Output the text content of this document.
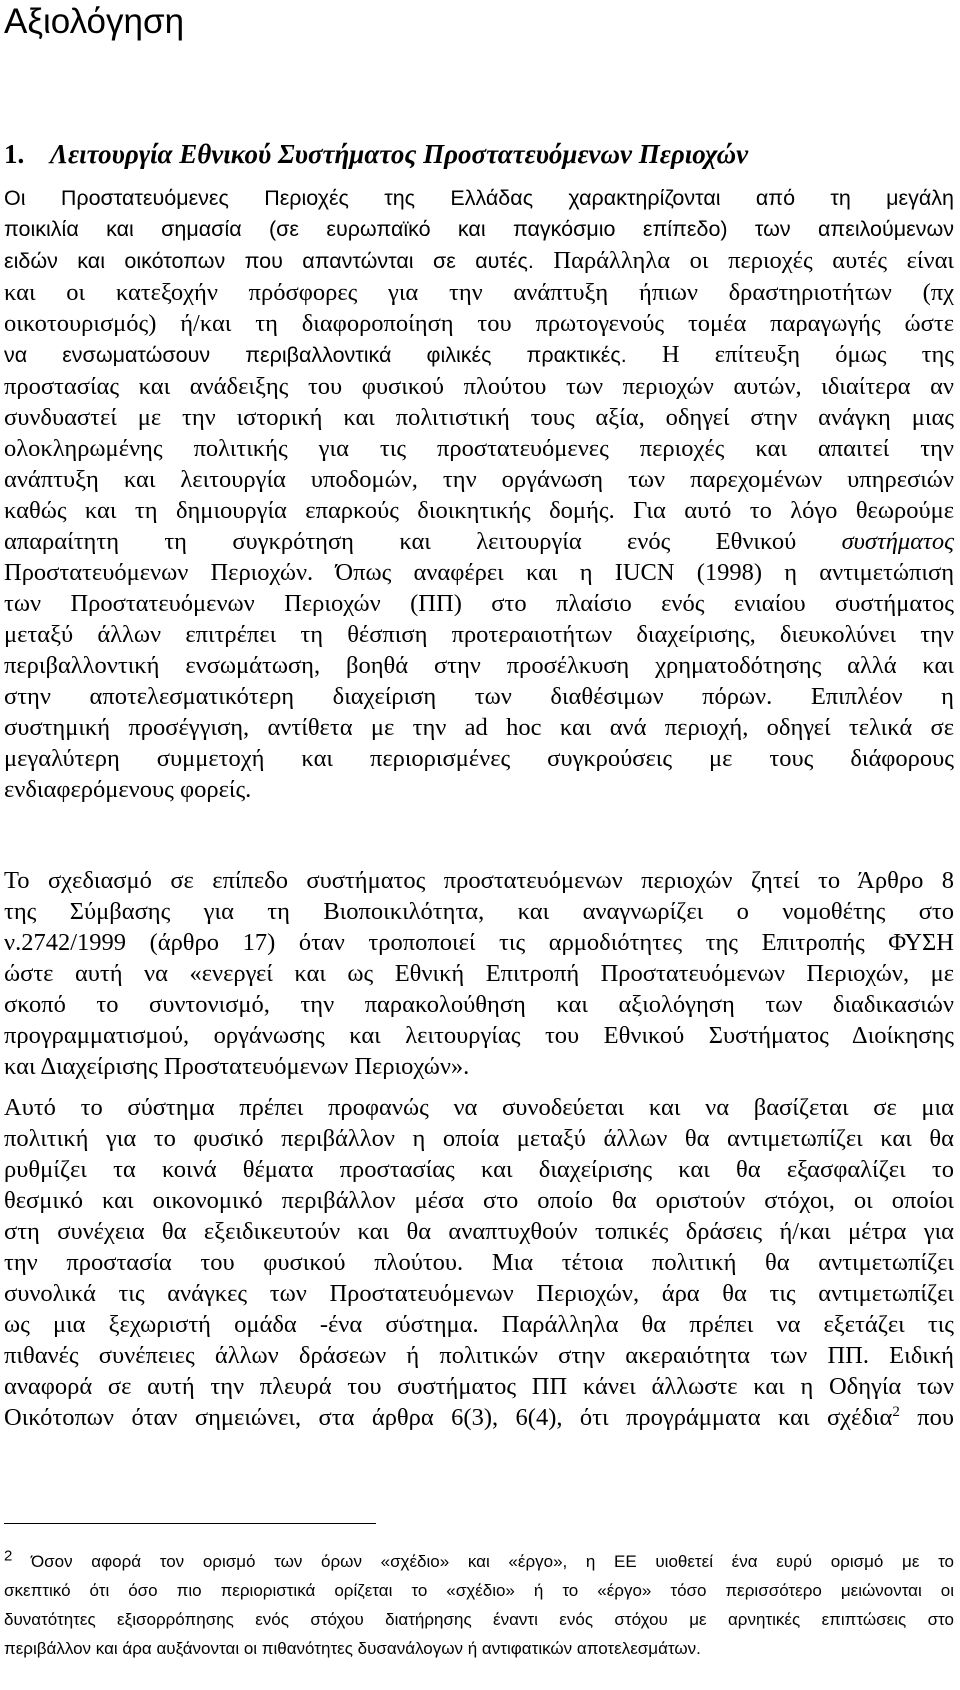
Αξιολόγηση
1. Λειτουργία Εθνικού Συστήματος Προστατευόμενων Περιοχών
Οι Προστατευόμενες Περιοχές της Ελλάδας χαρακτηρίζονται από τη μεγάλη
ποικιλία και σημασία (σε ευρωπαϊκό και παγκόσμιο επίπεδο) των απειλούμενων
ειδών και οικότοπων που απαντώνται σε αυτές. Παράλληλα οι περιοχές αυτές είναι
και οι κατεξοχήν πρόσφορες για την ανάπτυξη ήπιων δραστηριοτήτων (πχ
οικοτουρισμός) ή/και τη διαφοροποίηση του πρωτογενούς τομέα παραγωγής ώστε
να ενσωματώσουν περιβαλλοντικά φιλικές πρακτικές. Η επίτευξη όμως της
προστασίας και ανάδειξης του φυσικού πλούτου των περιοχών αυτών, ιδιαίτερα αν
συνδυαστεί με την ιστορική και πολιτιστική τους αξία, οδηγεί στην ανάγκη μιας
ολοκληρωμένης πολιτικής για τις προστατευόμενες περιοχές και απαιτεί την
ανάπτυξη και λειτουργία υποδομών, την οργάνωση των παρεχομένων υπηρεσιών
καθώς και τη δημιουργία επαρκούς διοικητικής δομής. Για αυτό το λόγο θεωρούμε
απαραίτητη τη συγκρότηση και λειτουργία ενός Εθνικού συστήματος
Προστατευόμενων Περιοχών. Όπως αναφέρει και η IUCN (1998) η αντιμετώπιση
των Προστατευόμενων Περιοχών (ΠΠ) στο πλαίσιο ενός ενιαίου συστήματος
μεταξύ άλλων επιτρέπει τη θέσπιση προτεραιοτήτων διαχείρισης, διευκολύνει την
περιβαλλοντική ενσωμάτωση, βοηθά στην προσέλκυση χρηματοδότησης αλλά και
στην αποτελεσματικότερη διαχείριση των διαθέσιμων πόρων. Επιπλέον η
συστημική προσέγγιση, αντίθετα με την ad hoc και ανά περιοχή, οδηγεί τελικά σε
μεγαλύτερη συμμετοχή και περιορισμένες συγκρούσεις με τους διάφορους
ενδιαφερόμενους φορείς.
Το σχεδιασμό σε επίπεδο συστήματος προστατευόμενων περιοχών ζητεί το Άρθρο 8
της Σύμβασης για τη Βιοποικιλότητα, και αναγνωρίζει ο νομοθέτης στο
ν.2742/1999 (άρθρο 17) όταν τροποποιεί τις αρμοδιότητες της Επιτροπής ΦΥΣΗ
ώστε αυτή να «ενεργεί και ως Εθνική Επιτροπή Προστατευόμενων Περιοχών, με
σκοπό το συντονισμό, την παρακολούθηση και αξιολόγηση των διαδικασιών
προγραμματισμού, οργάνωσης και λειτουργίας του Εθνικού Συστήματος Διοίκησης
και Διαχείρισης Προστατευόμενων Περιοχών».
Αυτό το σύστημα πρέπει προφανώς να συνοδεύεται και να βασίζεται σε μια
πολιτική για το φυσικό περιβάλλον η οποία μεταξύ άλλων θα αντιμετωπίζει και θα
ρυθμίζει τα κοινά θέματα προστασίας και διαχείρισης και θα εξασφαλίζει το
θεσμικό και οικονομικό περιβάλλον μέσα στο οποίο θα οριστούν στόχοι, οι οποίοι
στη συνέχεια θα εξειδικευτούν και θα αναπτυχθούν τοπικές δράσεις ή/και μέτρα για
την προστασία του φυσικού πλούτου. Μια τέτοια πολιτική θα αντιμετωπίζει
συνολικά τις ανάγκες των Προστατευόμενων Περιοχών, άρα θα τις αντιμετωπίζει
ως μια ξεχωριστή ομάδα -ένα σύστημα. Παράλληλα θα πρέπει να εξετάζει τις
πιθανές συνέπειες άλλων δράσεων ή πολιτικών στην ακεραιότητα των ΠΠ. Ειδική
αναφορά σε αυτή την πλευρά του συστήματος ΠΠ κάνει άλλωστε και η Οδηγία των
Οικότοπων όταν σημειώνει, στα άρθρα 6(3), 6(4), ότι προγράμματα και σχέδια$^2$ που
$^2$ Όσον αφορά τον ορισμό των όρων «σχέδιο» και «έργο», η ΕΕ υιοθετεί ένα ευρύ ορισμό με το
σκεπτικό ότι όσο πιο περιοριστικά ορίζεται το «σχέδιο» ή το «έργο» τόσο περισσότερο μειώνονται οι
δυνατότητες εξισορρόπησης ενός στόχου διατήρησης έναντι ενός στόχου με αρνητικές επιπτώσεις στο
περιβάλλον και άρα αυξάνονται οι πιθανότητες δυσανάλογων ή αντιφατικών αποτελεσμάτων.
